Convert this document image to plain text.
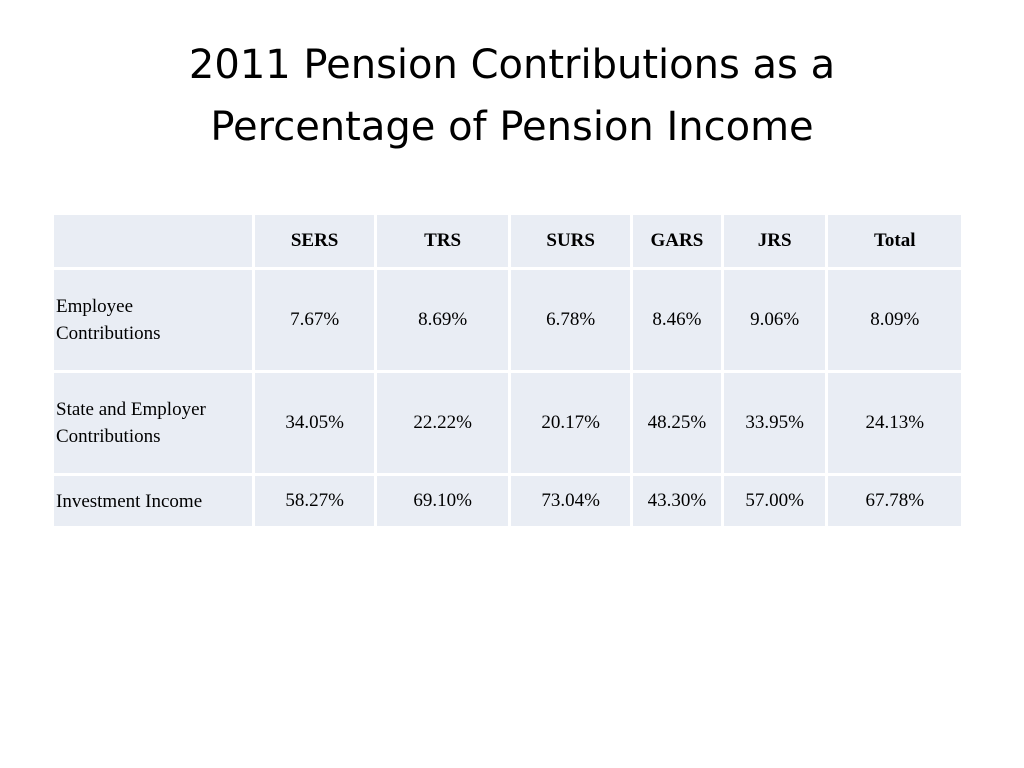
2011 Pension Contributions as a
Percentage of Pension Income
	SERS	TRS	SURS	GARS	JRS	Total

Employee
Contributions	7.67%	8.69%	6.78%	8.46%	9.06%	8.09%

State and Employer
Contributions	34.05%	22.22%	20.17%	48.25%	33.95%	24.13%

Investment Income	58.27%	69.10%	73.04%	43.30%	57.00%	67.78%
